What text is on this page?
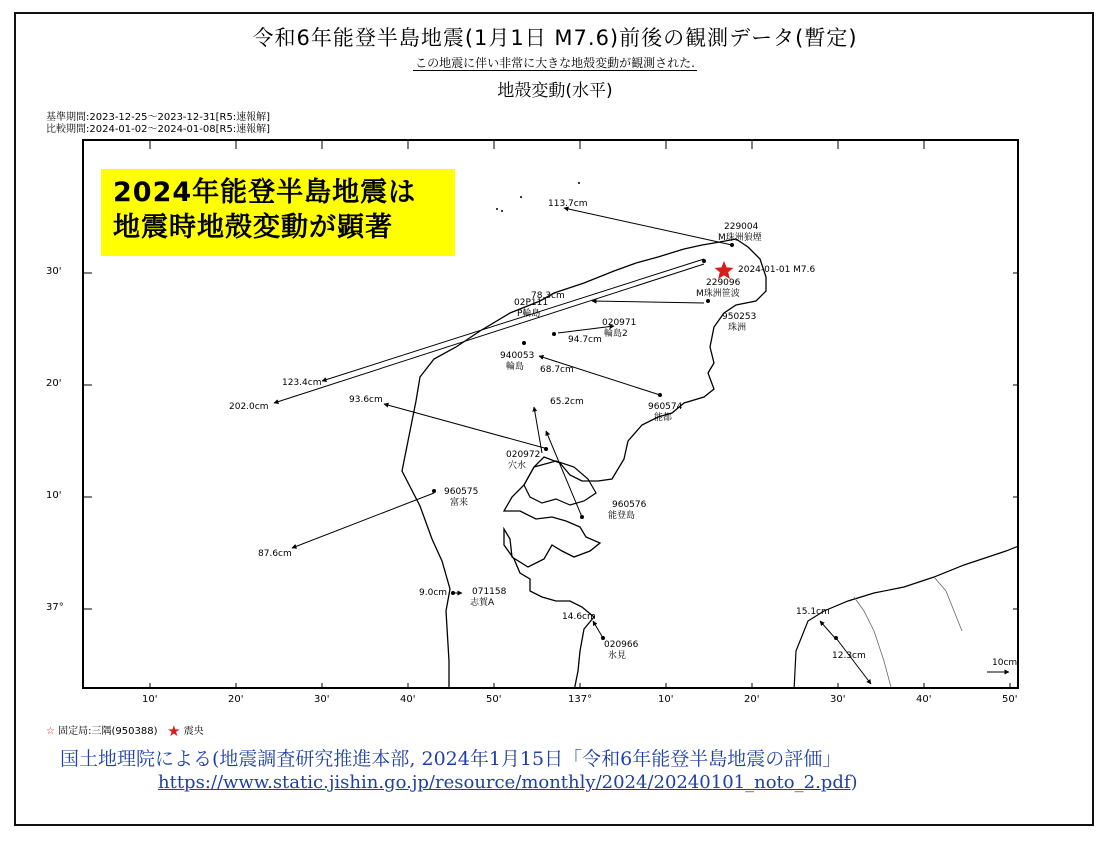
令和6年能登半島地震(1月1日 M7.6)前後の観測データ(暫定)
この地震に伴い非常に大きな地殻変動が観測された.
地殻変動(水平)
基準期間:2023-12-25〜2023-12-31[R5:速報解]
比較期間:2024-01-02〜2024-01-08[R5:速報解]
2024年能登半島地震は
地震時地殻変動が顕著
30'
20'
10'
37°
10'	20'	30'	40'	50'	137°	10'	20'	30'	40'	50'
229004
M珠洲狼煙
113.7cm
2024-01-01 M7.6
229096
M珠洲笹波
78.3cm
02P111
P輪島
123.4cm
020971
輪島2
94.7cm
950253
珠洲
940053
輪島
202.0cm
68.7cm
960574
能都
020972
穴水
93.6cm	65.2cm
960575
富来
87.6cm
960576
能登島
071158
志賀A
9.0cm
020966
氷見
14.6cm	15.1cm
12.3cm
10cm
☆ 固定局:三隅(950388) ★ 震央
国土地理院による(地震調査研究推進本部, 2024年1月15日「令和6年能登半島地震の評価」
https://www.static.jishin.go.jp/resource/monthly/2024/20240101_noto_2.pdf)
